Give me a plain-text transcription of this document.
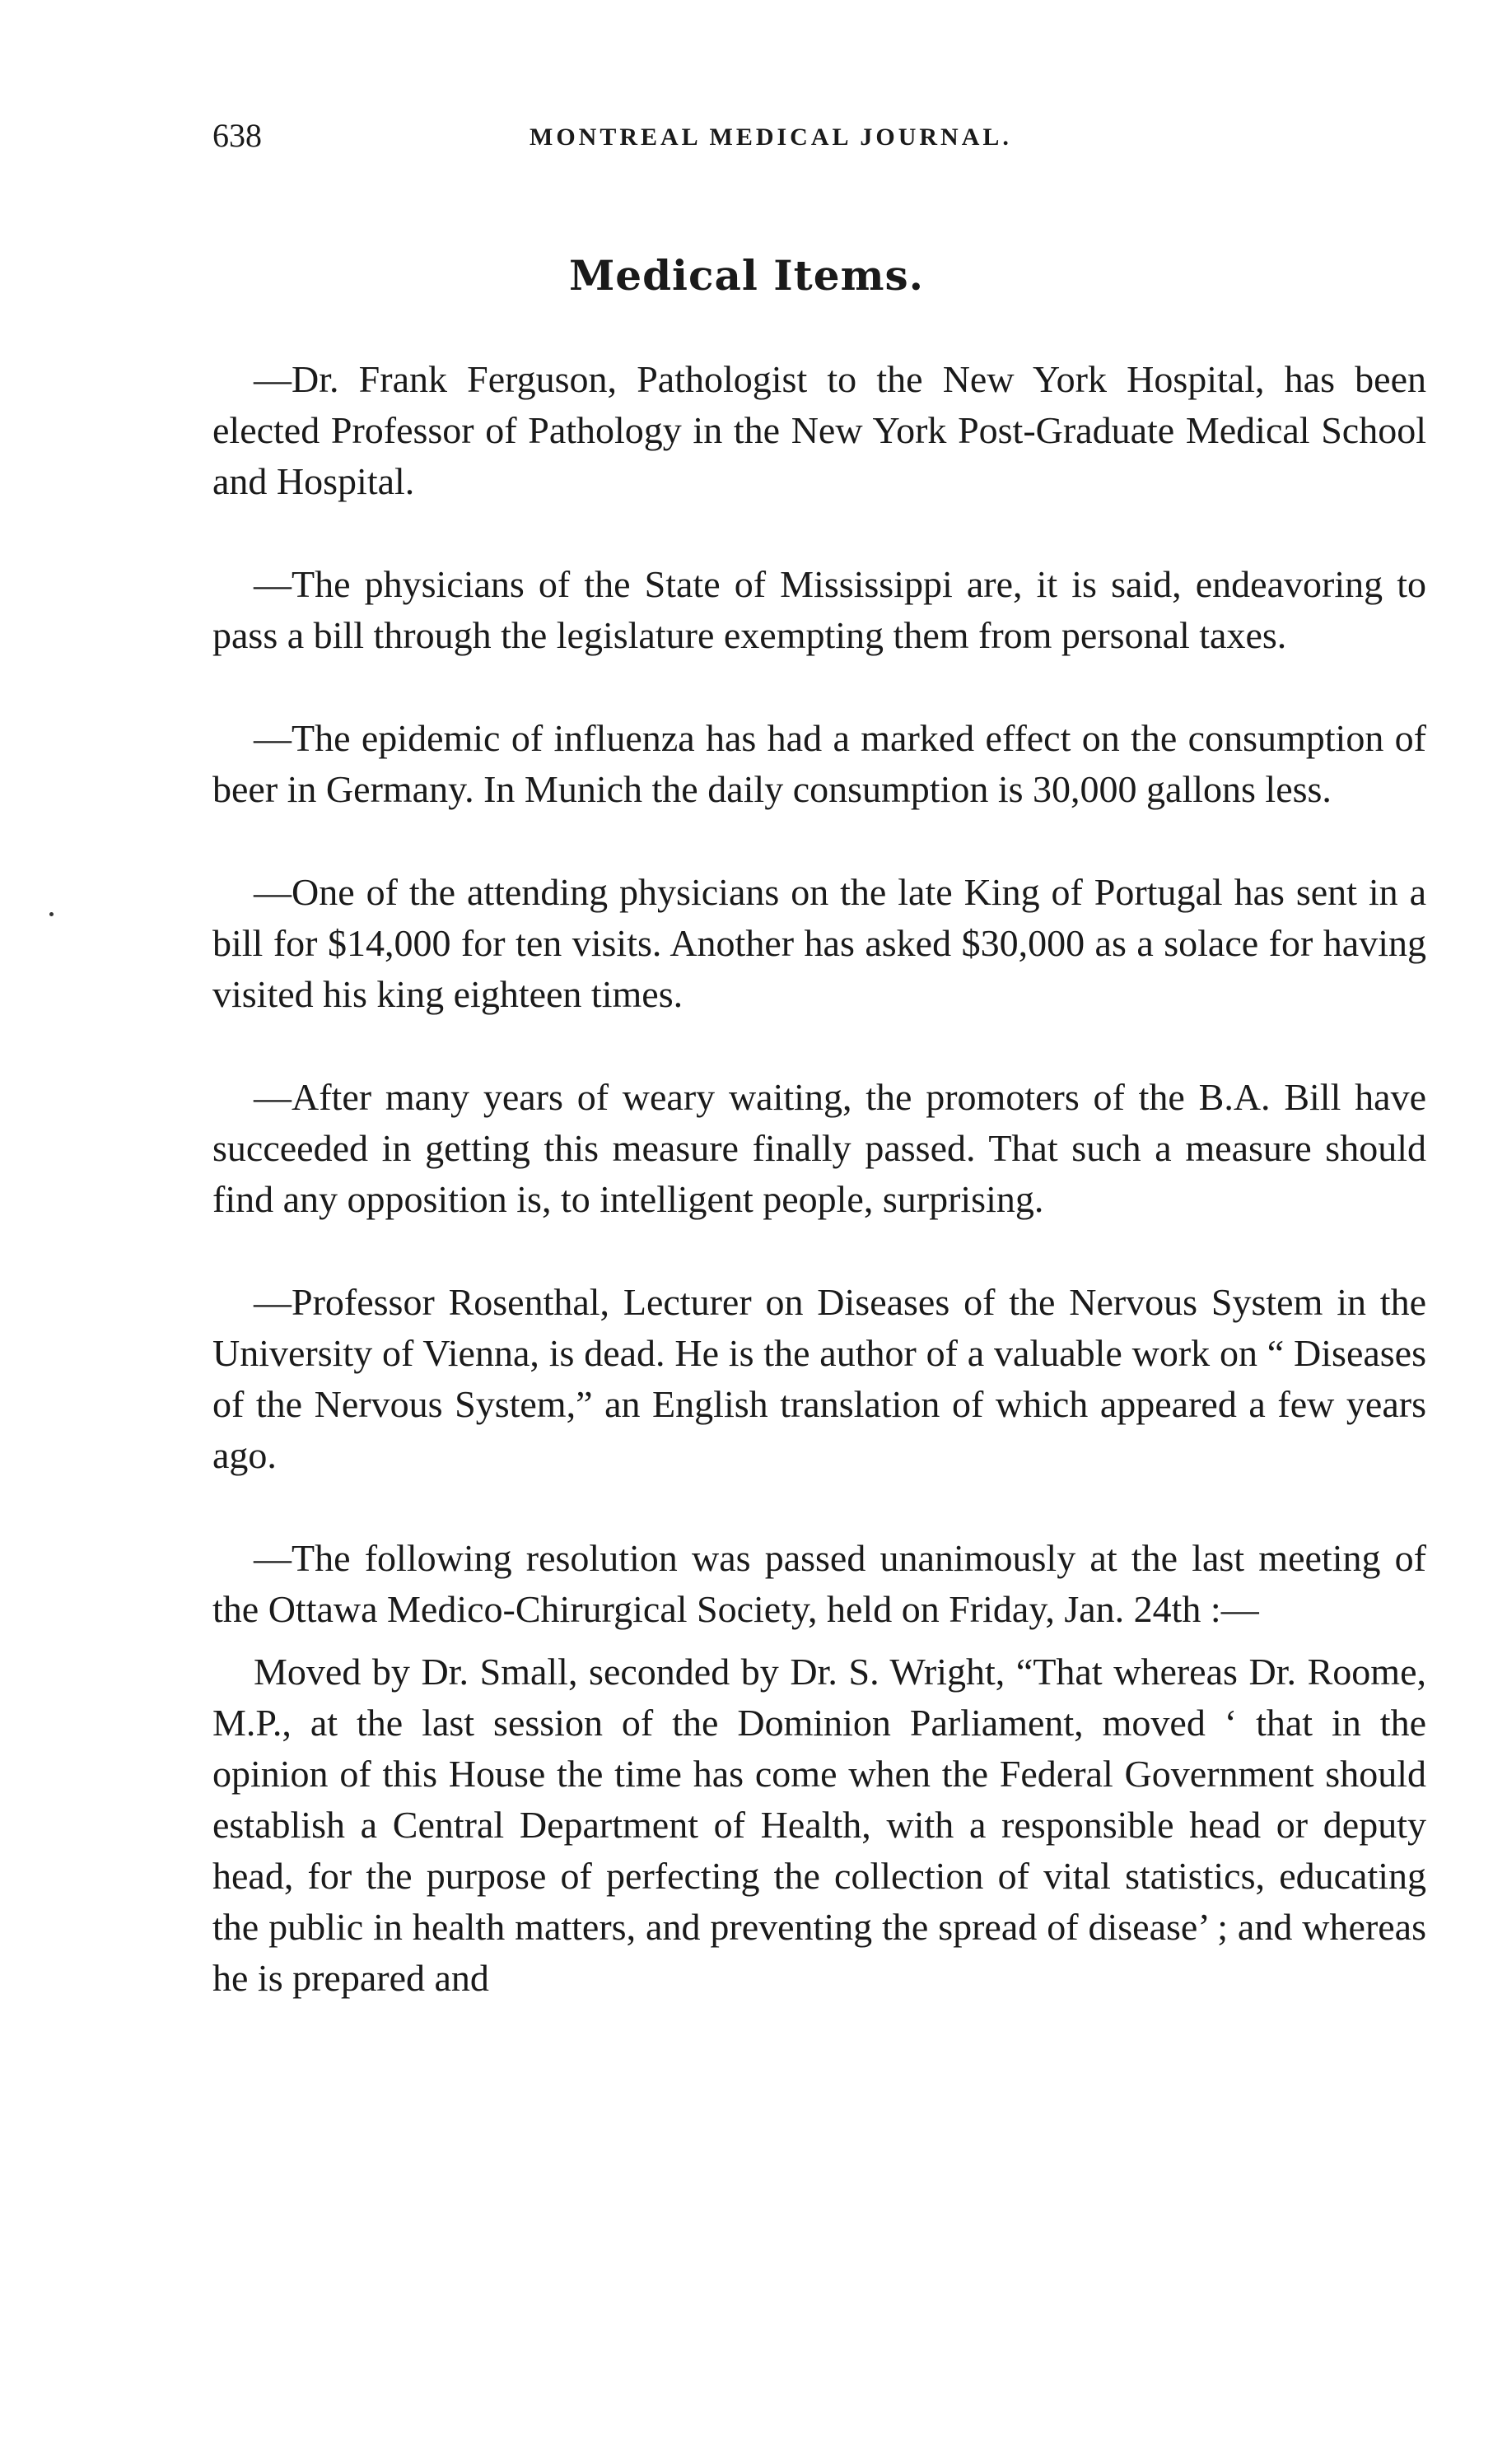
638	MONTREAL MEDICAL JOURNAL.
Medical Items.

—Dr. Frank Ferguson, Pathologist to the New York Hospital, has been elected Professor of Pathology in the New York Post-Graduate Medical School and Hospital.

—The physicians of the State of Mississippi are, it is said, endeavoring to pass a bill through the legislature exempting them from personal taxes.

—The epidemic of influenza has had a marked effect on the consumption of beer in Germany. In Munich the daily consumption is 30,000 gallons less.

—One of the attending physicians on the late King of Portugal has sent in a bill for $14,000 for ten visits. Another has asked $30,000 as a solace for having visited his king eighteen times.

—After many years of weary waiting, the promoters of the B.A. Bill have succeeded in getting this measure finally passed. That such a measure should find any opposition is, to intelligent people, surprising.

—Professor Rosenthal, Lecturer on Diseases of the Nervous System in the University of Vienna, is dead. He is the author of a valuable work on “ Diseases of the Nervous System,” an English translation of which appeared a few years ago.

—The following resolution was passed unanimously at the last meeting of the Ottawa Medico-Chirurgical Society, held on Friday, Jan. 24th :—

Moved by Dr. Small, seconded by Dr. S. Wright, “That whereas Dr. Roome, M.P., at the last session of the Dominion Parliament, moved ‘ that in the opinion of this House the time has come when the Federal Government should establish a Central Department of Health, with a responsible head or deputy head, for the purpose of perfecting the collection of vital statistics, educating the public in health matters, and preventing the spread of disease’ ; and whereas he is prepared and
